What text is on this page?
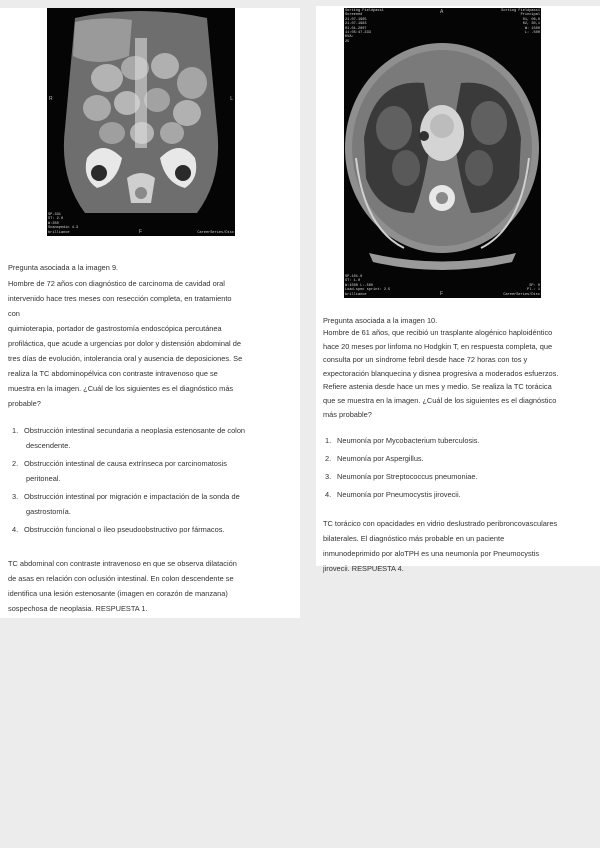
R	L
F
SP-331
ST: 2.0
W:350
Scanopedic 4.3
brilliance	CareerSeries/Disc
Pregunta asociada a la imagen 9.

Hombre de 72 años con diagnóstico de carcinoma de cavidad oral

intervenido hace tres meses con resección completa, en tratamiento

con

quimioterapia, portador de gastrostomía endoscópica percutánea

profiláctica, que acude a urgencias por dolor y distensión abdominal de

tres días de evolución, intolerancia oral y ausencia de deposiciones. Se

realiza la TC abdominopélvica con contraste intravenoso que se

muestra en la imagen. ¿Cuál de los siguientes es el diagnóstico más

probable?

1. Obstrucción intestinal secundaria a neoplasia estenosante de colon
descendente.
2. Obstrucción intestinal de causa extrínseca por carcinomatosis
peritoneal.
3. Obstrucción intestinal por migración e impactación de la sonda de
gastrostomía.
4. Obstrucción funcional o íleo pseudoobstructivo por fármacos.

TC abdominal con contraste intravenoso en que se observa dilatación

de asas en relación con oclusión intestinal. En colon descendente se

identifica una lesión estenosante (imagen en corazón de manzana)

sospechosa de neoplasia. RESPUESTA 1.

A
F
Sorting Fieldpass1
Screened
21-07-1965
21-07-1983
01-01-2007
11:05:47.333
KVA:
25
Sorting Fieldpass1
Principal
01, 06,0
02, 30,1
W: 1500
L: -500
SP-101.0
ST: 1.0
W:1500 L:-500
Load-spec sprint: 2.5
brilliance
SP: 0
Pl.: 1
CareerSeries/Disc
Pregunta asociada a la imagen 10.

Hombre de 61 años, que recibió un trasplante alogénico haploidéntico

hace 20 meses por linfoma no Hodgkin T, en respuesta completa, que

consulta por un síndrome febril desde hace 72 horas con tos y

expectoración blanquecina y disnea progresiva a moderados esfuerzos.

Refiere astenia desde hace un mes y medio. Se realiza la TC torácica

que se muestra en la imagen. ¿Cuál de los siguientes es el diagnóstico

más probable?

1. Neumonía por Mycobacterium tuberculosis.
2. Neumonía por Aspergillus.
3. Neumonía por Streptococcus pneumoniae.
4. Neumonía por Pneumocystis jirovecii.

TC torácico con opacidades en vidrio deslustrado peribroncovasculares

bilaterales. El diagnóstico más probable en un paciente

inmunodeprimido por aloTPH es una neumonía por Pneumocystis

jirovecii. RESPUESTA 4.
